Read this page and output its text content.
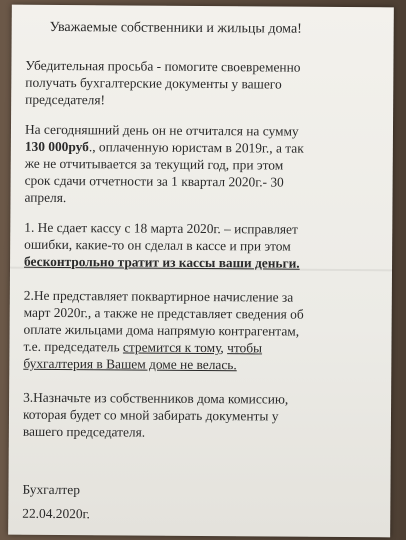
Уважаемые собственники и жильцы дома!
Убедительная просьба - помогите своевременно
получать бухгалтерские документы у вашего
председателя!
На сегодняшний день он не отчитался на сумму
130 000руб., оплаченную юристам в 2019г., а так
же не отчитывается за текущий год, при этом
срок сдачи отчетности за 1 квартал 2020г.- 30
апреля.
1. Не сдает кассу с 18 марта 2020г. – исправляет
ошибки, какие-то он сделал в кассе и при этом
бесконтрольно тратит из кассы ваши деньги.
2.Не представляет поквартирное начисление за
март 2020г., а также не представляет сведения об
оплате жильцами дома напрямую контрагентам,
т.е. председатель стремится к тому, чтобы
бухгалтерия в Вашем доме не велась.
3.Назначьте из собственников дома комиссию,
которая будет со мной забирать документы у
вашего председателя.
Бухгалтер
22.04.2020г.
